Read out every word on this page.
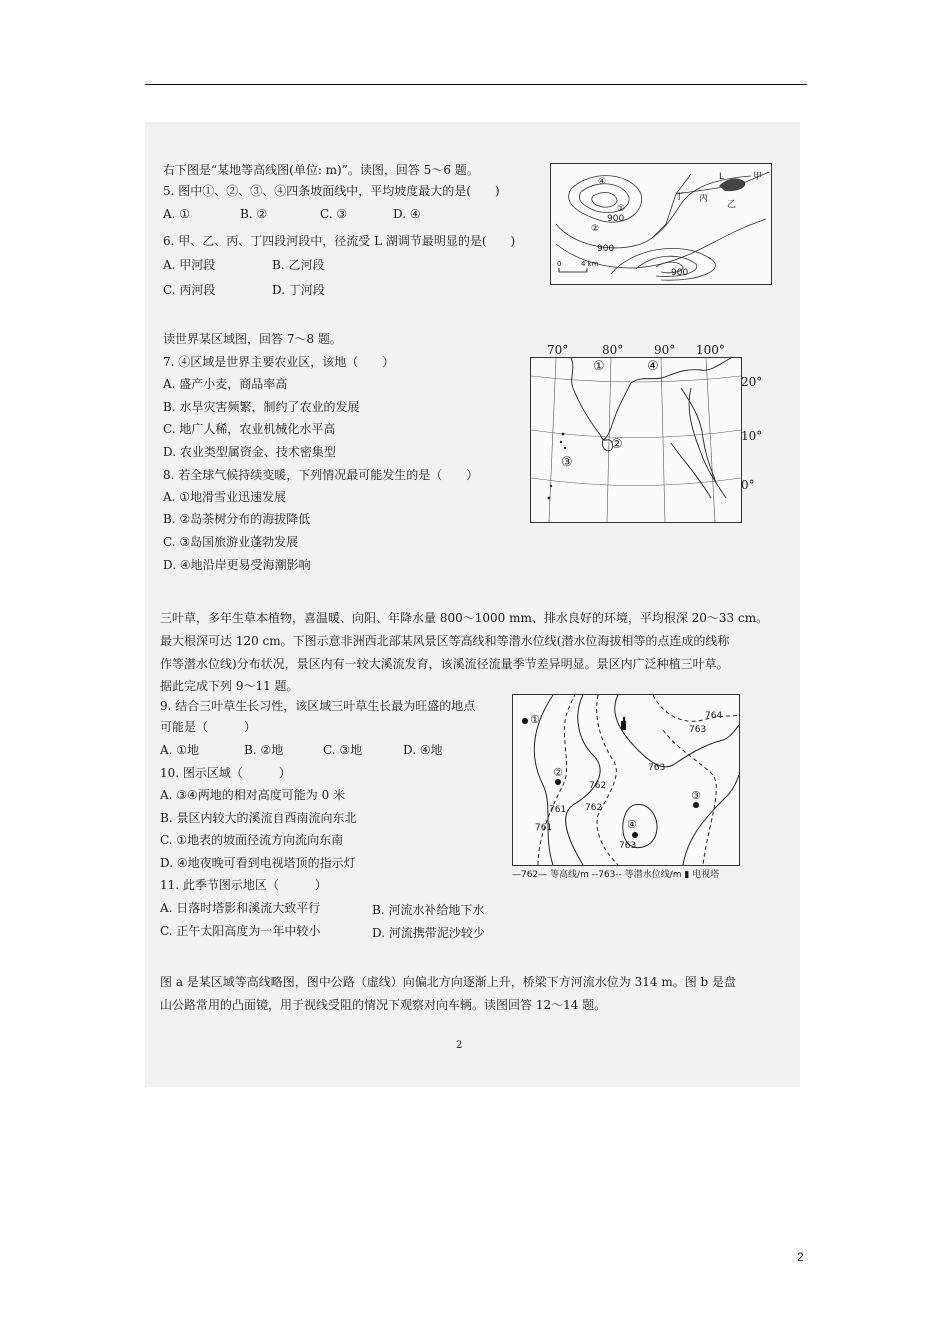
右下图是“某地等高线图(单位: m)”。读图，回答 5～6 题。
5. 图中①、②、③、④四条坡面线中，平均坡度最大的是(　　)
A. ①	B. ②	C. ③	D. ④
6. 甲、乙、丙、丁四段河段中，径流受 L 湖调节最明显的是(　　)
A. 甲河段	B. 乙河段
C. 丙河段	D. 丁河段
④
①
②
900
900
900
丁 丙
L	甲
乙
0	4 km
读世界某区域图，回答 7～8 题。
7. ④区域是世界主要农业区，该地（　　）
A. 盛产小麦，商品率高
B. 水旱灾害频繁，制约了农业的发展
C. 地广人稀，农业机械化水平高
D. 农业类型属资金、技术密集型
8. 若全球气候持续变暖，下列情况最可能发生的是（　　）
A. ①地滑雪业迅速发展
B. ②岛茶树分布的海拔降低
C. ③岛国旅游业蓬勃发展
D. ④地沿岸更易受海潮影响
70°	80°	90° 100°
①	④
②
③
20°
10°
0°
三叶草，多年生草本植物，喜温暖、向阳、年降水量 800～1000 mm、排水良好的环境，平均根深 20～33 cm。
最大根深可达 120 cm。下图示意非洲西北部某风景区等高线和等潜水位线(潜水位海拔相等的点连成的线称
作等潜水位线)分布状况，景区内有一较大溪流发育，该溪流径流量季节差异明显。景区内广泛种植三叶草。
据此完成下列 9～11 题。
9. 结合三叶草生长习性，该区域三叶草生长最为旺盛的地点
可能是（　　　）
A. ①地	B. ②地	C. ③地	D. ④地
10. 图示区域（　　　）
A. ③④两地的相对高度可能为 0 米
B. 景区内较大的溪流自西南流向东北
C. ①地表的坡面径流方向流向东南
D. ④地夜晚可看到电视塔顶的指示灯
11. 此季节图示地区（　　　）
A. 日落时塔影和溪流大致平行	B. 河流水补给地下水
C. 正午太阳高度为一年中较小	D. 河流携带泥沙较少
①
②
③
④
764
763
763
762
761
761
762
763
—762— 等高线/m ‐‐763‐‐ 等潜水位线/m ▮ 电视塔
图 a 是某区域等高线略图，图中公路（虚线）向偏北方向逐渐上升，桥梁下方河流水位为 314 m。图 b 是盘
山公路常用的凸面镜，用于视线受阻的情况下观察对向车辆。读图回答 12～14 题。
2
2
